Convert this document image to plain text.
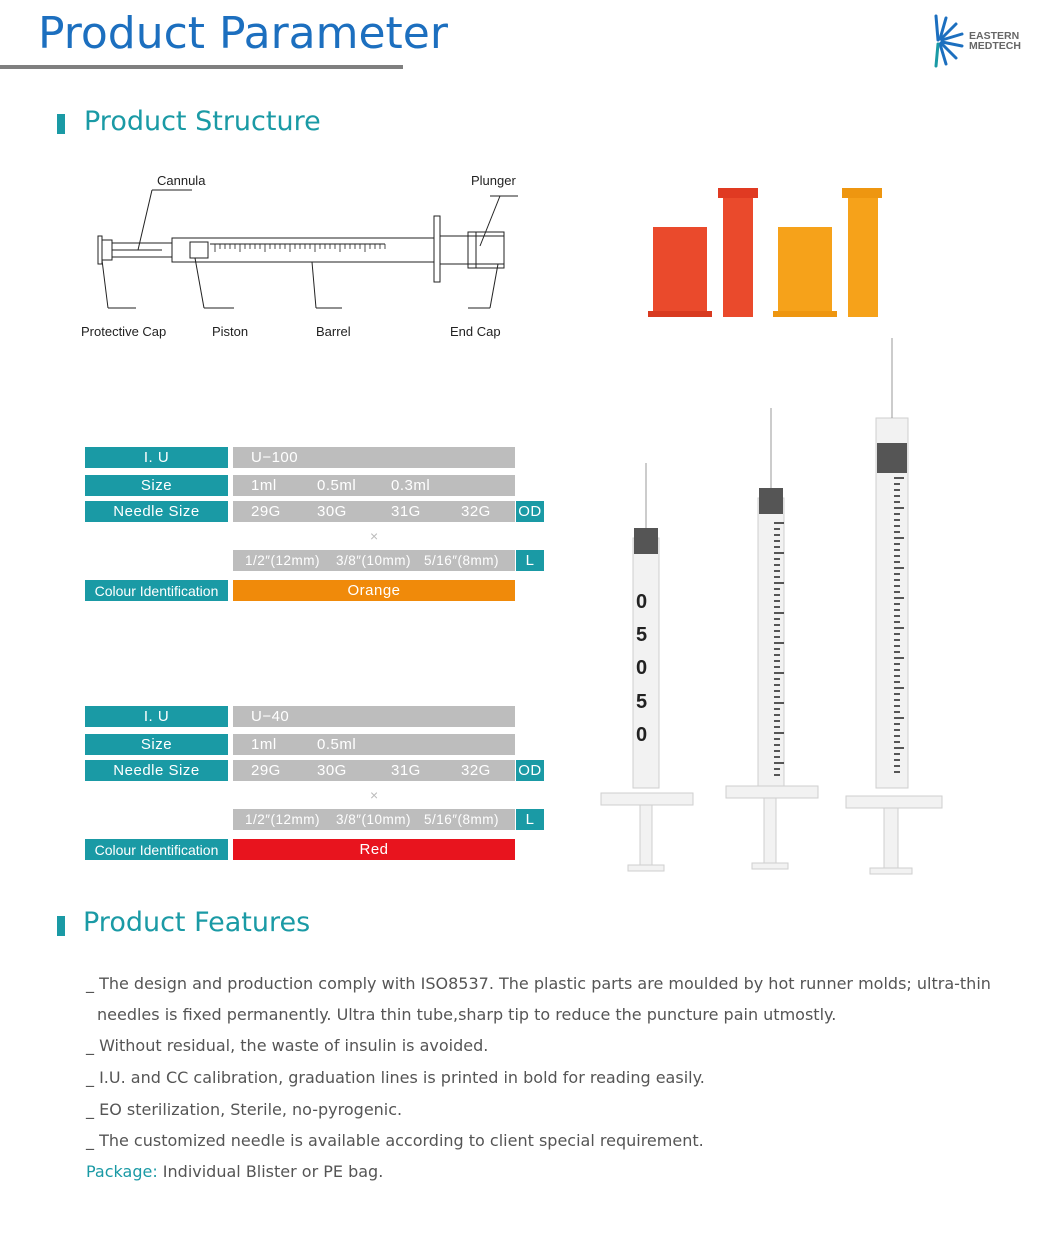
Product Parameter	EASTERN
MEDTECH
Product Structure
Cannula	Plunger
Protective Cap	Piston	Barrel	End Cap
I. U	U−100
Size	1ml	0.5ml	0.3ml
Needle Size	29G	30G	31G	32G OD
×
1/2″(12mm)	3/8″(10mm) 5/16″(8mm)	L
Colour Identification	Orange
I. U	U−40
Size	1ml	0.5ml
Needle Size	29G	30G	31G	32G OD
×
1/2″(12mm)	3/8″(10mm) 5/16″(8mm)	L
Colour Identification	Red
0
5
0
5
0
Product Features
_ The design and production comply with ISO8537. The plastic parts are moulded by hot runner molds; ultra-thin
needles is fixed permanently. Ultra thin tube,sharp tip to reduce the puncture pain utmostly.
_ Without residual, the waste of insulin is avoided.
_ I.U. and CC calibration, graduation lines is printed in bold for reading easily.
_ EO sterilization, Sterile, no-pyrogenic.
_ The customized needle is available according to client special requirement.
Package: Individual Blister or PE bag.
